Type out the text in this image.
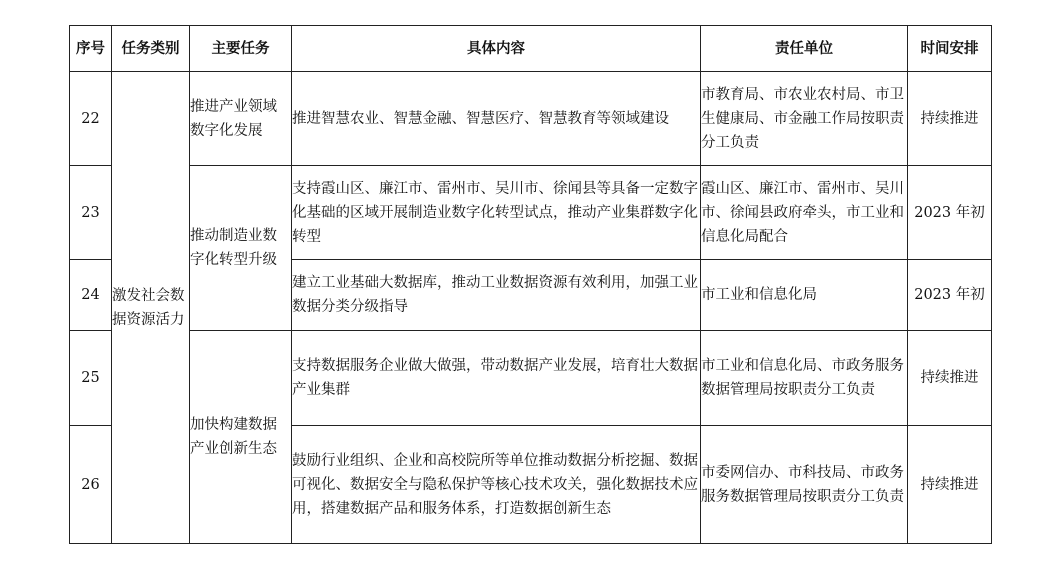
序号	任务类别	主要任务	具体内容	责任单位	时间安排
22	激发社会数据资源活力	推进产业领域数字化发展	推进智慧农业、智慧金融、智慧医疗、智慧教育等领域建设	市教育局、市农业农村局、市卫生健康局、市金融工作局按职责分工负责	持续推进
23		推动制造业数字化转型升级	支持霞山区、廉江市、雷州市、吴川市、徐闻县等具备一定数字化基础的区域开展制造业数字化转型试点，推动产业集群数字化转型	霞山区、廉江市、雷州市、吴川市、徐闻县政府牵头，市工业和信息化局配合	2023 年初
24			建立工业基础大数据库，推动工业数据资源有效利用，加强工业数据分类分级指导	市工业和信息化局	2023 年初
25		加快构建数据产业创新生态	支持数据服务企业做大做强，带动数据产业发展，培育壮大数据产业集群	市工业和信息化局、市政务服务数据管理局按职责分工负责	持续推进
26			鼓励行业组织、企业和高校院所等单位推动数据分析挖掘、数据可视化、数据安全与隐私保护等核心技术攻关，强化数据技术应用，搭建数据产品和服务体系，打造数据创新生态	市委网信办、市科技局、市政务服务数据管理局按职责分工负责	持续推进
